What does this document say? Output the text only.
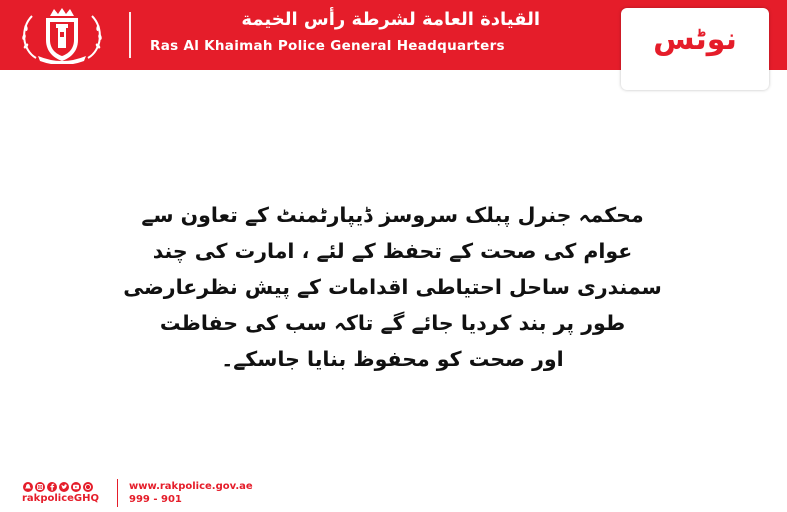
القيادة العامة لشرطة رأس الخيمة
Ras Al Khaimah Police General Headquarters	نوٹس
محکمہ جنرل پبلک سروسز ڈیپارٹمنٹ کے تعاون سے
عوام کی صحت کے تحفظ کے لئے ، امارت کی چند
سمندری ساحل احتیاطی اقدامات کے پیش نظرعارضی
طور پر بند کردیا جائے گے تاکہ سب کی حفاظت
اور صحت کو محفوظ بنایا جاسکے۔
rakpoliceGHQ
www.rakpolice.gov.ae
999 - 901
